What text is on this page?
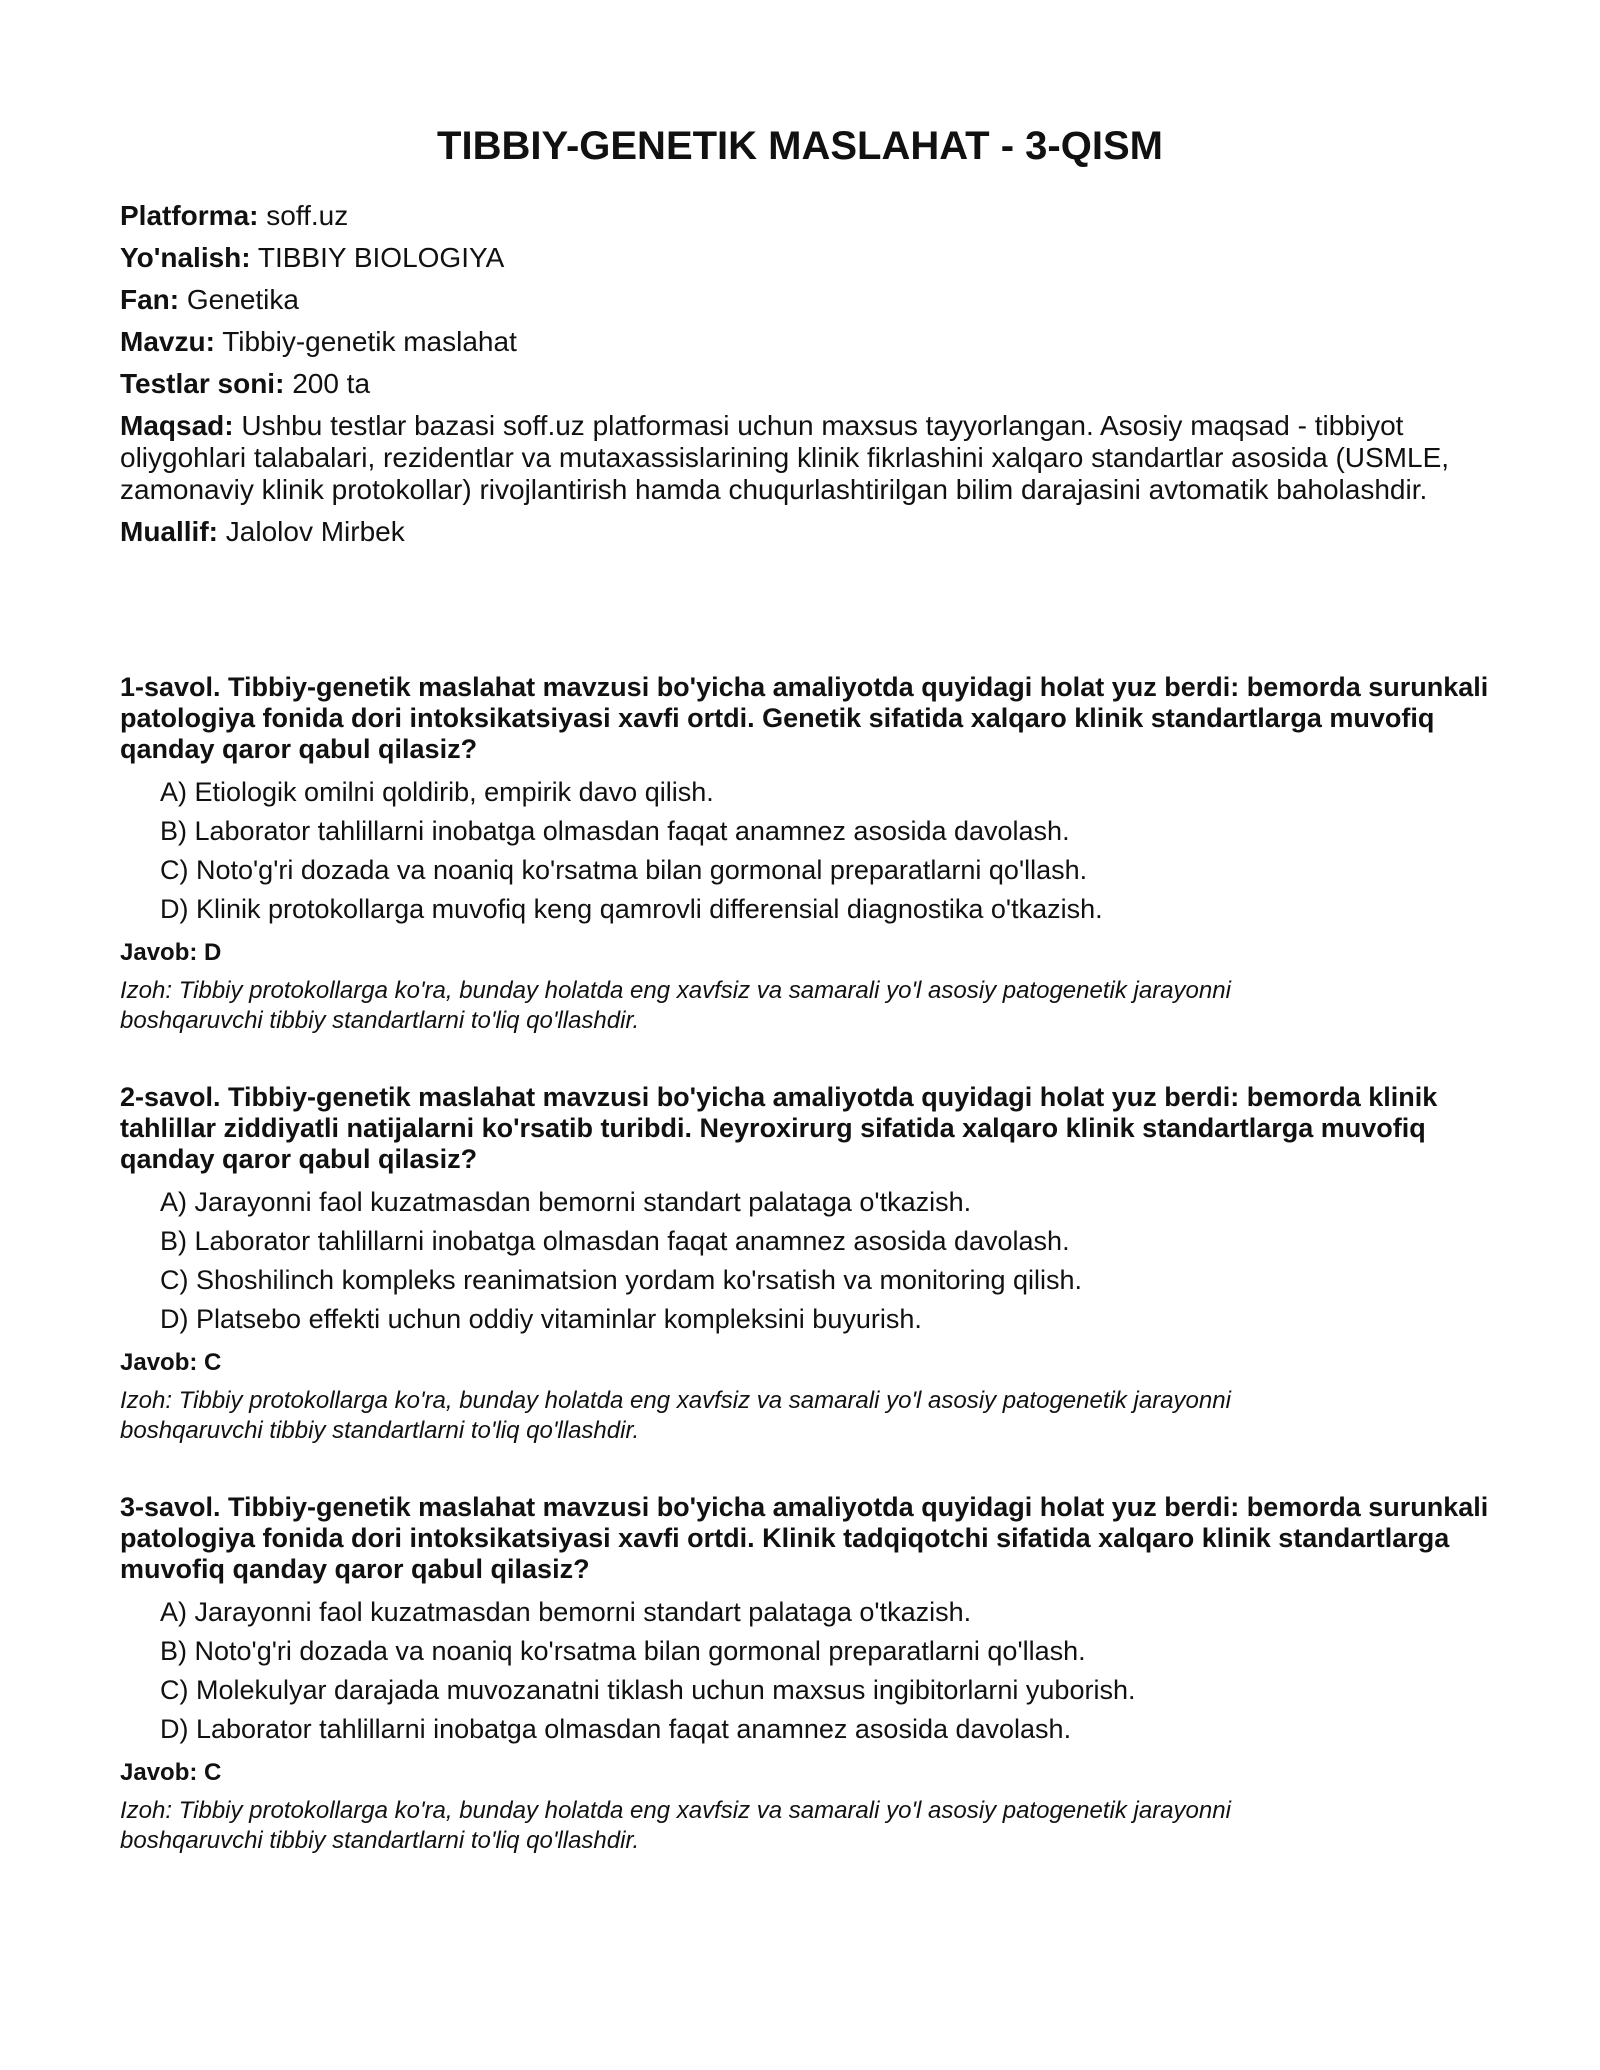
TIBBIY-GENETIK MASLAHAT - 3-QISM

Platforma: soff.uz

Yo'nalish: TIBBIY BIOLOGIYA

Fan: Genetika

Mavzu: Tibbiy-genetik maslahat

Testlar soni: 200 ta

Maqsad: Ushbu testlar bazasi soff.uz platformasi uchun maxsus tayyorlangan. Asosiy maqsad - tibbiyot oliygohlari talabalari, rezidentlar va mutaxassislarining klinik fikrlashini xalqaro standartlar asosida (USMLE, zamonaviy klinik protokollar) rivojlantirish hamda chuqurlashtirilgan bilim darajasini avtomatik baholashdir.

Muallif: Jalolov Mirbek

1-savol. Tibbiy-genetik maslahat mavzusi bo'yicha amaliyotda quyidagi holat yuz berdi: bemorda surunkali patologiya fonida dori intoksikatsiyasi xavfi ortdi. Genetik sifatida xalqaro klinik standartlarga muvofiq qanday qaror qabul qilasiz?

A) Etiologik omilni qoldirib, empirik davo qilish.
B) Laborator tahlillarni inobatga olmasdan faqat anamnez asosida davolash.
C) Noto'g'ri dozada va noaniq ko'rsatma bilan gormonal preparatlarni qo'llash.
D) Klinik protokollarga muvofiq keng qamrovli differensial diagnostika o'tkazish.

Javob: D

Izoh: Tibbiy protokollarga ko'ra, bunday holatda eng xavfsiz va samarali yo'l asosiy patogenetik jarayonni boshqaruvchi tibbiy standartlarni to'liq qo'llashdir.

2-savol. Tibbiy-genetik maslahat mavzusi bo'yicha amaliyotda quyidagi holat yuz berdi: bemorda klinik tahlillar ziddiyatli natijalarni ko'rsatib turibdi. Neyroxirurg sifatida xalqaro klinik standartlarga muvofiq qanday qaror qabul qilasiz?

A) Jarayonni faol kuzatmasdan bemorni standart palataga o'tkazish.
B) Laborator tahlillarni inobatga olmasdan faqat anamnez asosida davolash.
C) Shoshilinch kompleks reanimatsion yordam ko'rsatish va monitoring qilish.
D) Platsebo effekti uchun oddiy vitaminlar kompleksini buyurish.

Javob: C

Izoh: Tibbiy protokollarga ko'ra, bunday holatda eng xavfsiz va samarali yo'l asosiy patogenetik jarayonni boshqaruvchi tibbiy standartlarni to'liq qo'llashdir.

3-savol. Tibbiy-genetik maslahat mavzusi bo'yicha amaliyotda quyidagi holat yuz berdi: bemorda surunkali patologiya fonida dori intoksikatsiyasi xavfi ortdi. Klinik tadqiqotchi sifatida xalqaro klinik standartlarga muvofiq qanday qaror qabul qilasiz?

A) Jarayonni faol kuzatmasdan bemorni standart palataga o'tkazish.
B) Noto'g'ri dozada va noaniq ko'rsatma bilan gormonal preparatlarni qo'llash.
C) Molekulyar darajada muvozanatni tiklash uchun maxsus ingibitorlarni yuborish.
D) Laborator tahlillarni inobatga olmasdan faqat anamnez asosida davolash.

Javob: C

Izoh: Tibbiy protokollarga ko'ra, bunday holatda eng xavfsiz va samarali yo'l asosiy patogenetik jarayonni boshqaruvchi tibbiy standartlarni to'liq qo'llashdir.
